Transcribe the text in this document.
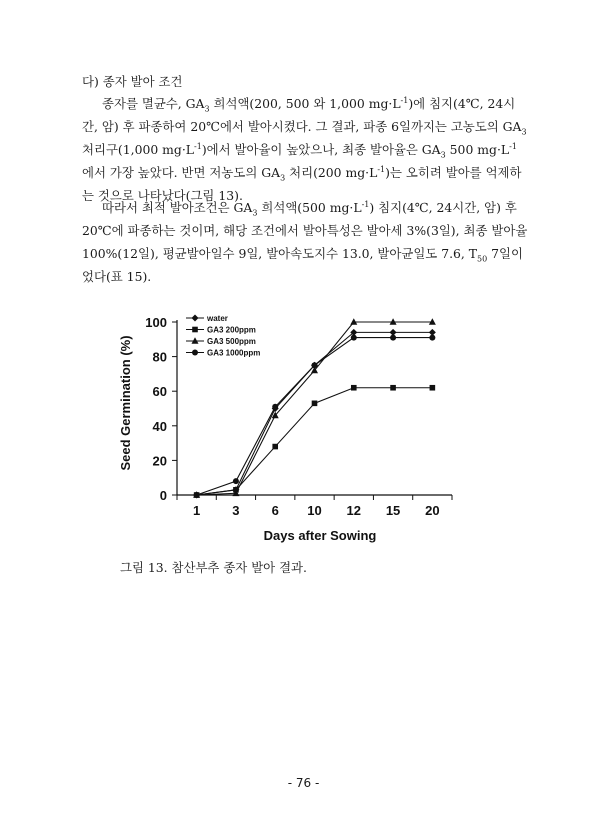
다) 종자 발아 조건

종자를 멸균수, $GA_3$ 희석액(200, 500 와 1,000 $mg\cdot L^{-1}$)에 침지(4℃, 24시간, 암) 후 파종하여 20℃에서 발아시켰다. 그 결과, 파종 6일까지는 고농도의 $GA_3$ 처리구(1,000 $mg\cdot L^{-1}$)에서 발아율이 높았으나, 최종 발아율은 $GA_3$ 500 $mg\cdot L^{-1}$에서 가장 높았다. 반면 저농도의 $GA_3$ 처리(200 $mg\cdot L^{-1}$)는 오히려 발아를 억제하는 것으로 나타났다(그림 13).

따라서 최적 발아조건은 $GA_3$ 희석액(500 $mg\cdot L^{-1}$) 침지(4℃, 24시간, 암) 후 20℃에 파종하는 것이며, 해당 조건에서 발아특성은 발아세 3%(3일), 최종 발아율 100%(12일), 평균발아일수 9일, 발아속도지수 13.0, 발아균일도 7.6, $T_{50}$ 7일이었다(표 15).

0
20
40
60
80
100
1 3 6 10 12 15 20
water
GA3 200ppm
GA3 500ppm
GA3 1000ppm
Days after Sowing
Seed Germination (%)
그림 13. 참산부추 종자 발아 결과.
- 76 -
